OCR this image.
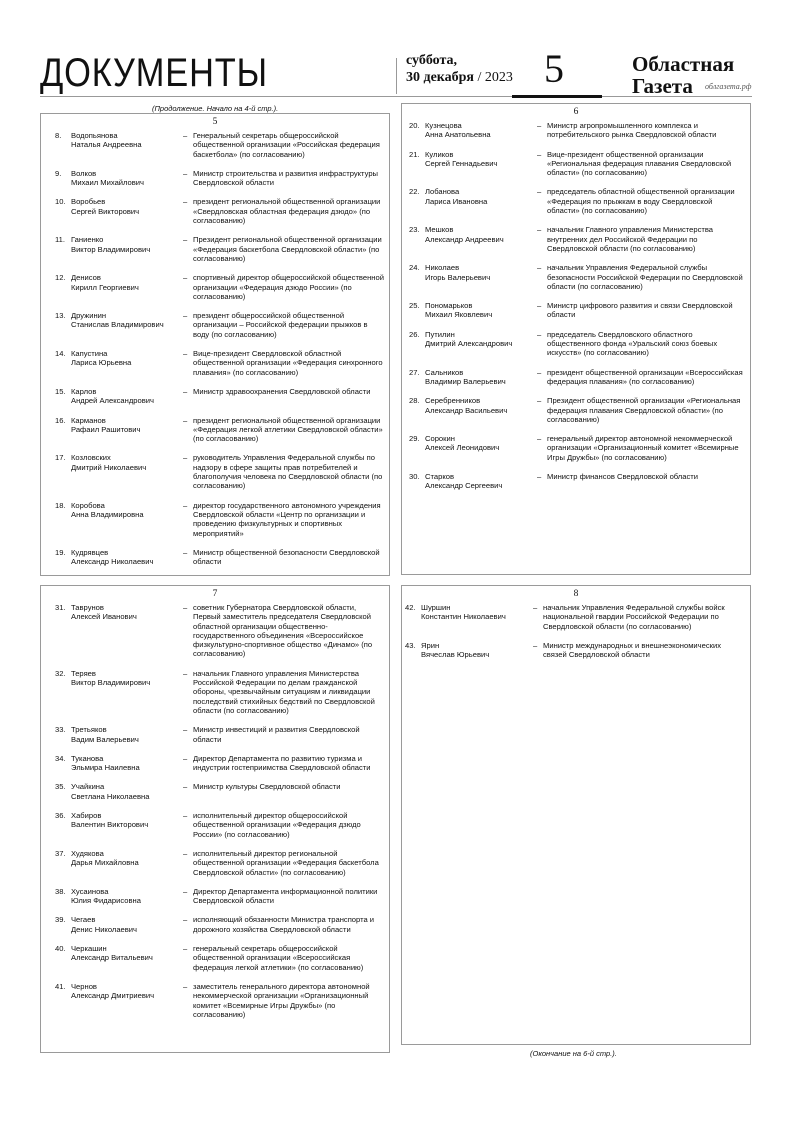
ДОКУМЕНТЫ	суббота,
30 декабря / 2023 5	Областная
Газета	облгазета.рф
(Продолжение. Начало на 4-й стр.).
5
8.	Водопьянова
Наталья Андреевна
– Генеральный секретарь общероссийской общественной организации «Российская федерация баскетбола» (по согласованию)
9.	Волков
Михаил Михайлович
– Министр строительства и развития инфраструктуры Свердловской области
10. Воробьев
Сергей Викторович
– президент региональной общественной организации «Свердловская областная федерация дзюдо» (по согласованию)
11. Ганиенко
Виктор Владимирович
– Президент региональной общественной организации «Федерация баскетбола Свердловской области» (по согласованию)
12. Денисов
Кирилл Георгиевич
– спортивный директор общероссийской общественной организации «Федерация дзюдо России» (по согласованию)
13. Дружинин
Станислав Владимирович
– президент общероссийской общественной организации – Российской федерации прыжков в воду (по согласованию)
14. Капустина
Лариса Юрьевна
– Вице-президент Свердловской областной общественной организации «Федерация синхронного плавания» (по согласованию)
15. Карлов
Андрей Александрович
– Министр здравоохранения Свердловской области
16. Карманов
Рафаил Рашитович
– президент региональной общественной организации «Федерация легкой атлетики Свердловской области» (по согласованию)
17. Козловских
Дмитрий Николаевич
– руководитель Управления Федеральной службы по надзору в сфере защиты прав потребителей и благополучия человека по Свердловской области (по согласованию)
18. Коробова
Анна Владимировна
– директор государственного автономного учреждения Свердловской области «Центр по организации и проведению физкультурных и спортивных мероприятий»
19. Кудрявцев
Александр Николаевич
– Министр общественной безопасности Свердловской области
6
20. Кузнецова
Анна Анатольевна
– Министр агропромышленного комплекса и потребительского рынка Свердловской области
21. Куликов
Сергей Геннадьевич
– Вице-президент общественной организации «Региональная федерация плавания Свердловской области» (по согласованию)
22. Лобанова
Лариса Ивановна
– председатель областной общественной организации «Федерация по прыжкам в воду Свердловской области» (по согласованию)
23. Мешков
Александр Андреевич
– начальник Главного управления Министерства внутренних дел Российской Федерации по Свердловской области (по согласованию)
24. Николаев
Игорь Валерьевич
– начальник Управления Федеральной службы безопасности Российской Федерации по Свердловской области (по согласованию)
25. Пономарьков
Михаил Яковлевич
– Министр цифрового развития и связи Свердловской области
26. Путилин
Дмитрий Александрович
– председатель Свердловского областного общественного фонда «Уральский союз боевых искусств» (по согласованию)
27. Сальников
Владимир Валерьевич
– президент общественной организации «Всероссийская федерация плавания» (по согласованию)
28. Серебренников
Александр Васильевич
– Президент общественной организации «Региональная федерация плавания Свердловской области» (по согласованию)
29. Сорокин
Алексей Леонидович
– генеральный директор автономной некоммерческой организации «Организационный комитет «Всемирные Игры Дружбы» (по согласованию)
30. Старков
Александр Сергеевич
– Министр финансов Свердловской области
7
31. Таврунов
Алексей Иванович
– советник Губернатора Свердловской области, Первый заместитель председателя Свердловской областной организации общественно-государственного объединения «Всероссийское физкультурно-спортивное общество «Динамо» (по согласованию)
32. Теряев
Виктор Владимирович
– начальник Главного управления Министерства Российской Федерации по делам гражданской обороны, чрезвычайным ситуациям и ликвидации последствий стихийных бедствий по Свердловской области (по согласованию)
33. Третьяков
Вадим Валерьевич
– Министр инвестиций и развития Свердловской области
34. Туканова
Эльмира Наилевна
– Директор Департамента по развитию туризма и индустрии гостеприимства Свердловской области
35. Учайкина
Светлана Николаевна
– Министр культуры Свердловской области
36. Хабиров
Валентин Викторович
– исполнительный директор общероссийской общественной организации «Федерация дзюдо России» (по согласованию)
37. Худякова
Дарья Михайловна
– исполнительный директор региональной общественной организации «Федерация баскетбола Свердловской области» (по согласованию)
38. Хусаинова
Юлия Фидарисовна
– Директор Департамента информационной политики Свердловской области
39. Чегаев
Денис Николаевич
– исполняющий обязанности Министра транспорта и дорожного хозяйства Свердловской области
40. Черкашин
Александр Витальевич
– генеральный секретарь общероссийской общественной организации «Всероссийская федерация легкой атлетики» (по согласованию)
41. Чернов
Александр Дмитриевич
– заместитель генерального директора автономной некоммерческой организации «Организационный комитет «Всемирные Игры Дружбы» (по согласованию)
8
42. Шуршин
Константин Николаевич
– начальник Управления Федеральной службы войск национальной гвардии Российской Федерации по Свердловской области (по согласованию)
43. Ярин
Вячеслав Юрьевич
– Министр международных и внешнеэкономических связей Свердловской области
(Окончание на 6-й стр.).
